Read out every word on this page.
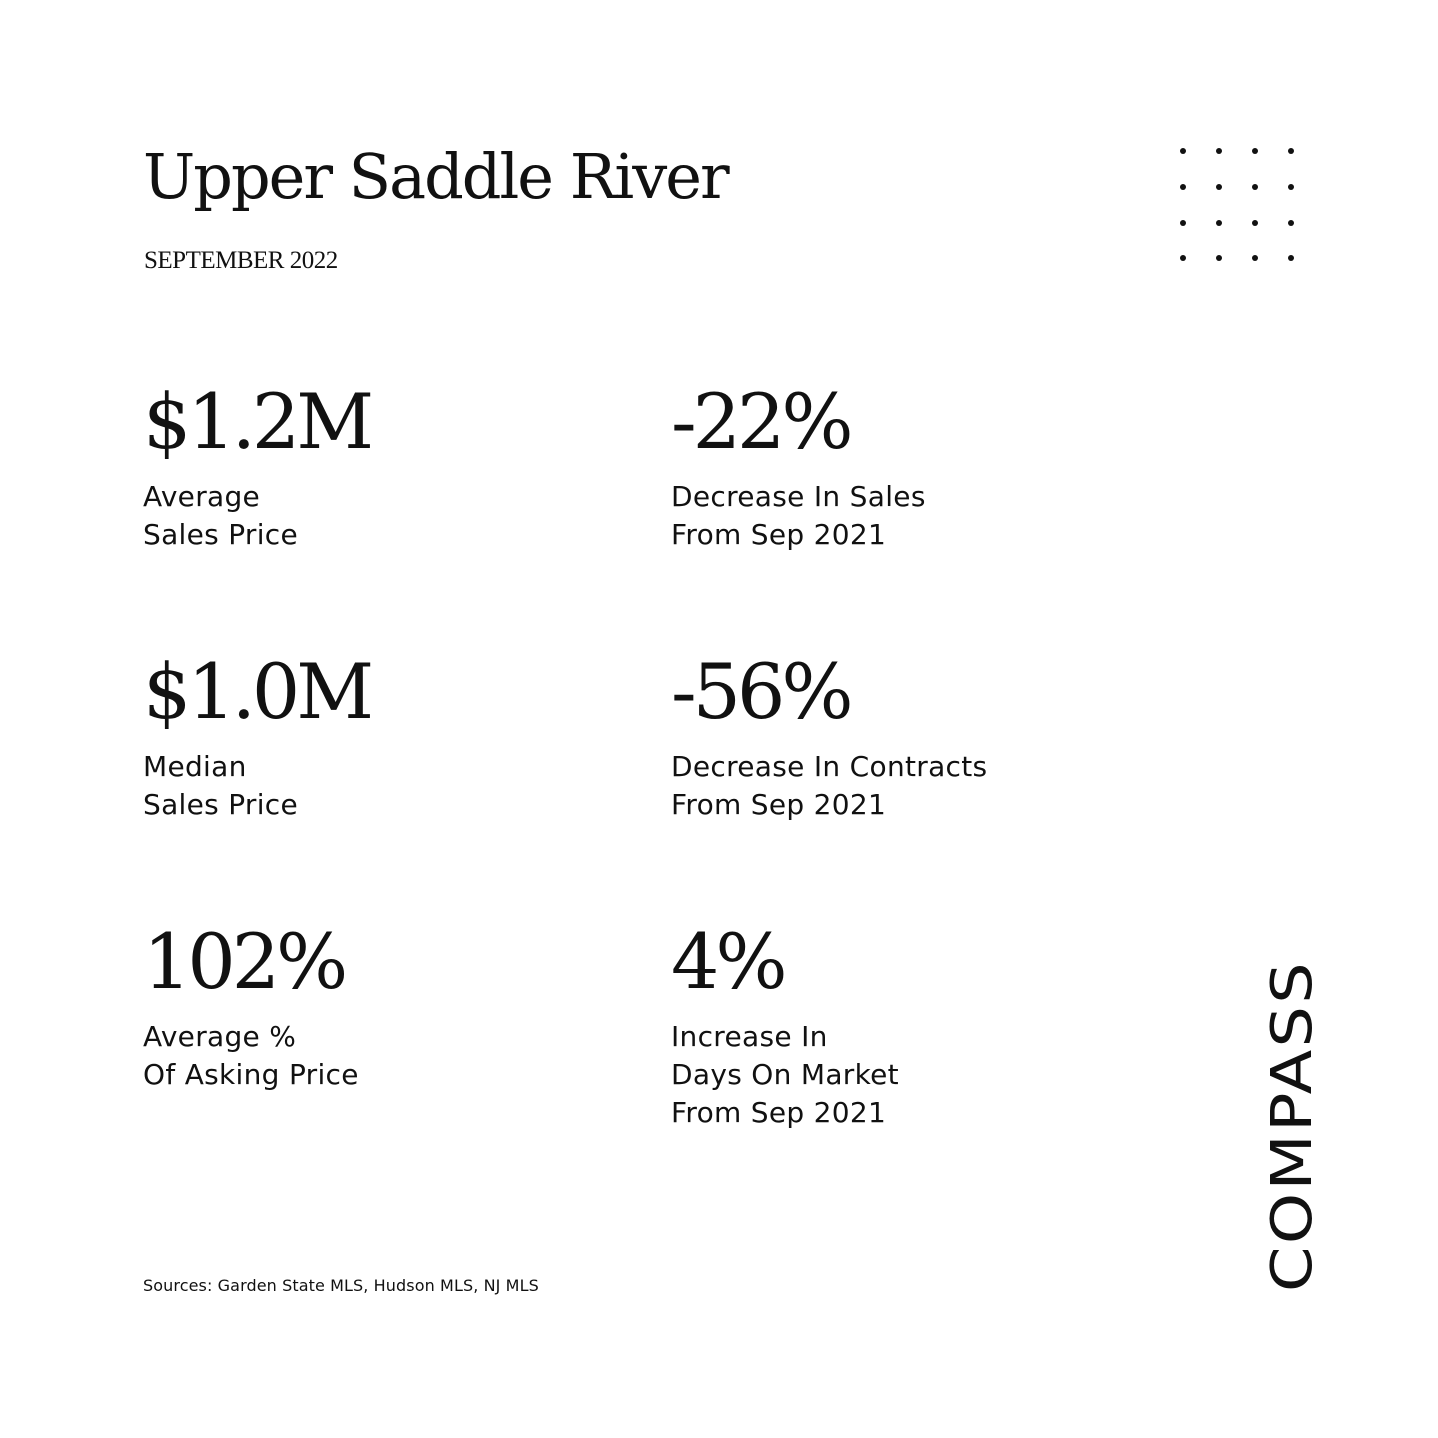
Upper Saddle River
SEPTEMBER 2022
$1.2M
Average
Sales Price
-22%
Decrease In Sales
From Sep 2021
$1.0M
Median
Sales Price
-56%
Decrease In Contracts
From Sep 2021
102%
Average %
Of Asking Price
4%
Increase In
Days On Market
From Sep 2021
Sources: Garden State MLS, Hudson MLS, NJ MLS	COMPASS
